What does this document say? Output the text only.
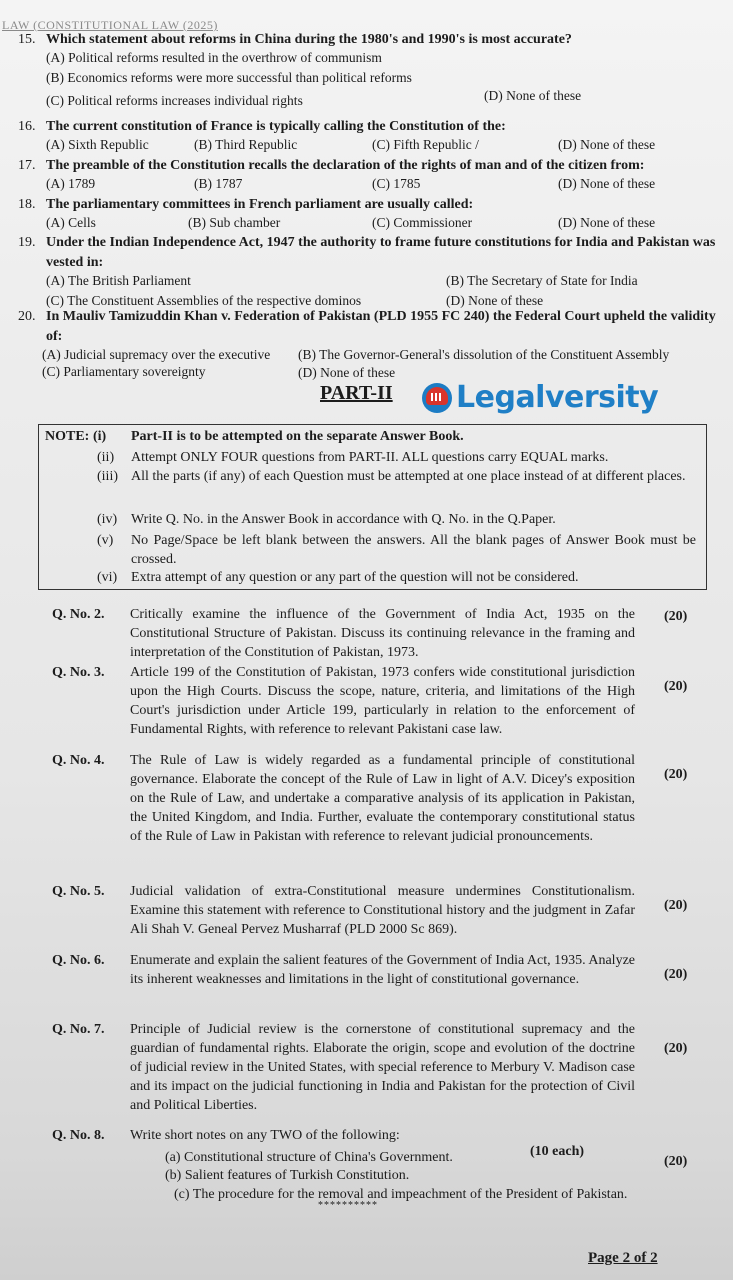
LAW (CONSTITUTIONAL LAW (2025)
15. Which statement about reforms in China during the 1980's and 1990's is most accurate?
(A) Political reforms resulted in the overthrow of communism
(B) Economics reforms were more successful than political reforms
(C) Political reforms increases individual rights	(D) None of these
16. The current constitution of France is typically calling the Constitution of the:
(A) Sixth Republic	(B) Third Republic	(C) Fifth Republic /	(D) None of these
17. The preamble of the Constitution recalls the declaration of the rights of man and of the citizen from:
(A) 1789	(B) 1787	(C) 1785	(D) None of these
18. The parliamentary committees in French parliament are usually called:
(A) Cells	(B) Sub chamber	(C) Commissioner	(D) None of these
19. Under the Indian Independence Act, 1947 the authority to frame future constitutions for India and Pakistan was
vested in:
(A) The British Parliament	(B) The Secretary of State for India
(C) The Constituent Assemblies of the respective dominos	(D) None of these
20. In Mauliv Tamizuddin Khan v. Federation of Pakistan (PLD 1955 FC 240) the Federal Court upheld the validity
of:
(A) Judicial supremacy over the executive (B) The Governor-General's dissolution of the Constituent Assembly
(C) Parliamentary sovereignty	(D) None of these
PART-II Legalversity
NOTE: (i) Part-II is to be attempted on the separate Answer Book.
(ii) Attempt ONLY FOUR questions from PART-II. ALL questions carry EQUAL marks.
(iii) All the parts (if any) of each Question must be attempted at one place instead of at different places.
(iv) Write Q. No. in the Answer Book in accordance with Q. No. in the Q.Paper.
(v) No Page/Space be left blank between the answers. All the blank pages of Answer Book must be crossed.
(vi) Extra attempt of any question or any part of the question will not be considered.
Q. No. 2. Critically examine the influence of the Government of India Act, 1935 on the Constitutional Structure of Pakistan. Discuss its continuing relevance in the framing and interpretation of the Constitution of Pakistan, 1973.
(20)
Q. No. 3. Article 199 of the Constitution of Pakistan, 1973 confers wide constitutional jurisdiction upon the High Courts. Discuss the scope, nature, criteria, and limitations of the High Court's jurisdiction under Article 199, particularly in relation to the enforcement of Fundamental Rights, with reference to relevant Pakistani case law.
(20)
Q. No. 4. The Rule of Law is widely regarded as a fundamental principle of constitutional governance. Elaborate the concept of the Rule of Law in light of A.V. Dicey's exposition on the Rule of Law, and undertake a comparative analysis of its application in Pakistan, the United Kingdom, and India. Further, evaluate the contemporary constitutional status of the Rule of Law in Pakistan with reference to relevant judicial pronouncements.
(20)
Q. No. 5. Judicial validation of extra-Constitutional measure undermines Constitutionalism. Examine this statement with reference to Constitutional history and the judgment in Zafar Ali Shah V. Geneal Pervez Musharraf (PLD 2000 Sc 869).
(20)
Q. No. 6. Enumerate and explain the salient features of the Government of India Act, 1935. Analyze its inherent weaknesses and limitations in the light of constitutional governance.	(20)
Q. No. 7. Principle of Judicial review is the cornerstone of constitutional supremacy and the guardian of fundamental rights. Elaborate the origin, scope and evolution of the doctrine of judicial review in the United States, with special reference to Merbury V. Madison case and its impact on the judicial functioning in India and Pakistan for the protection of Civil and Political Liberties.
(20)
Q. No. 8. Write short notes on any TWO of the following:
(10 each)
(20)
(a) Constitutional structure of China's Government.
(b) Salient features of Turkish Constitution.
(c) The procedure for the removal and impeachment of the President of Pakistan.
**********
Page 2 of 2
